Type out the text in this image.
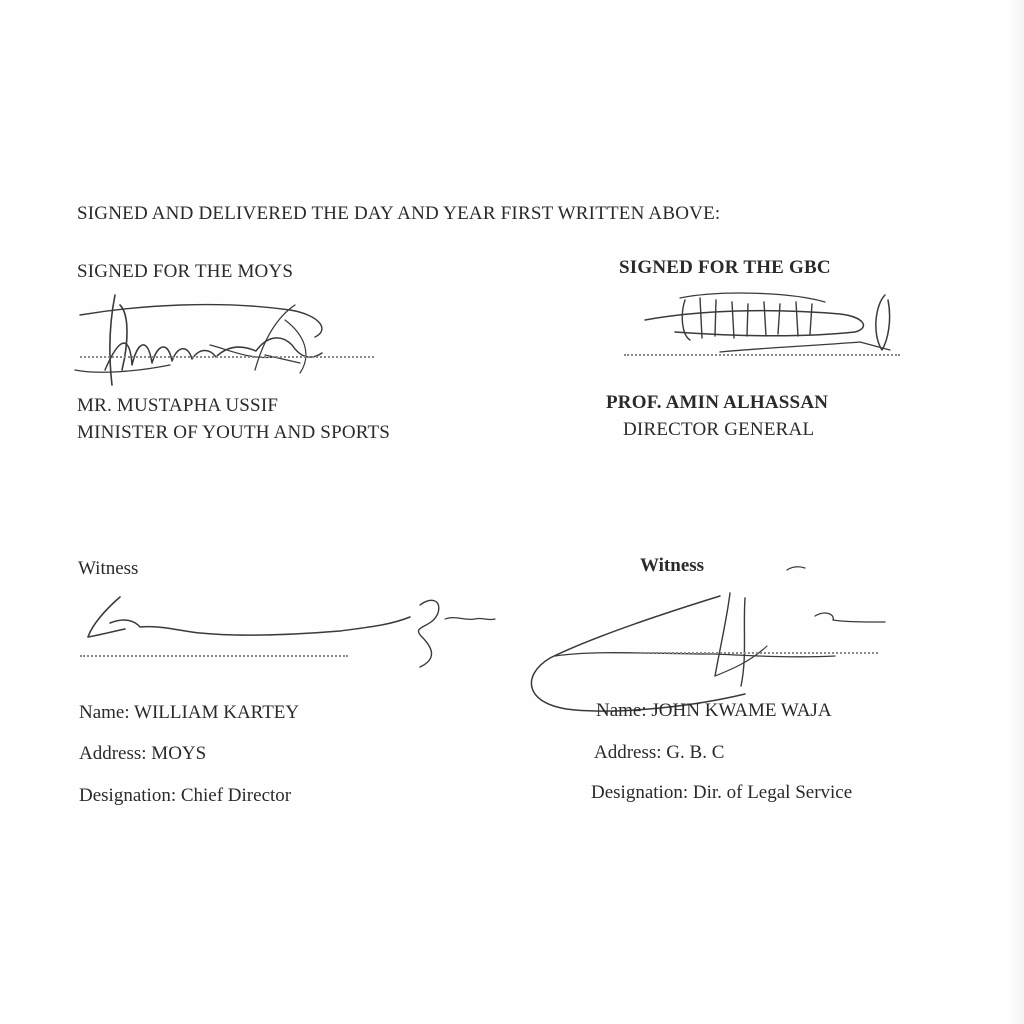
SIGNED AND DELIVERED THE DAY AND YEAR FIRST WRITTEN ABOVE:
SIGNED FOR THE MOYS
MR. MUSTAPHA USSIF
MINISTER OF YOUTH AND SPORTS
SIGNED FOR THE GBC
PROF. AMIN ALHASSAN
DIRECTOR GENERAL
Witness
Name: WILLIAM KARTEY
Address: MOYS
Designation: Chief Director
Witness
Name: JOHN KWAME WAJA
Address: G. B. C
Designation: Dir. of Legal Service
